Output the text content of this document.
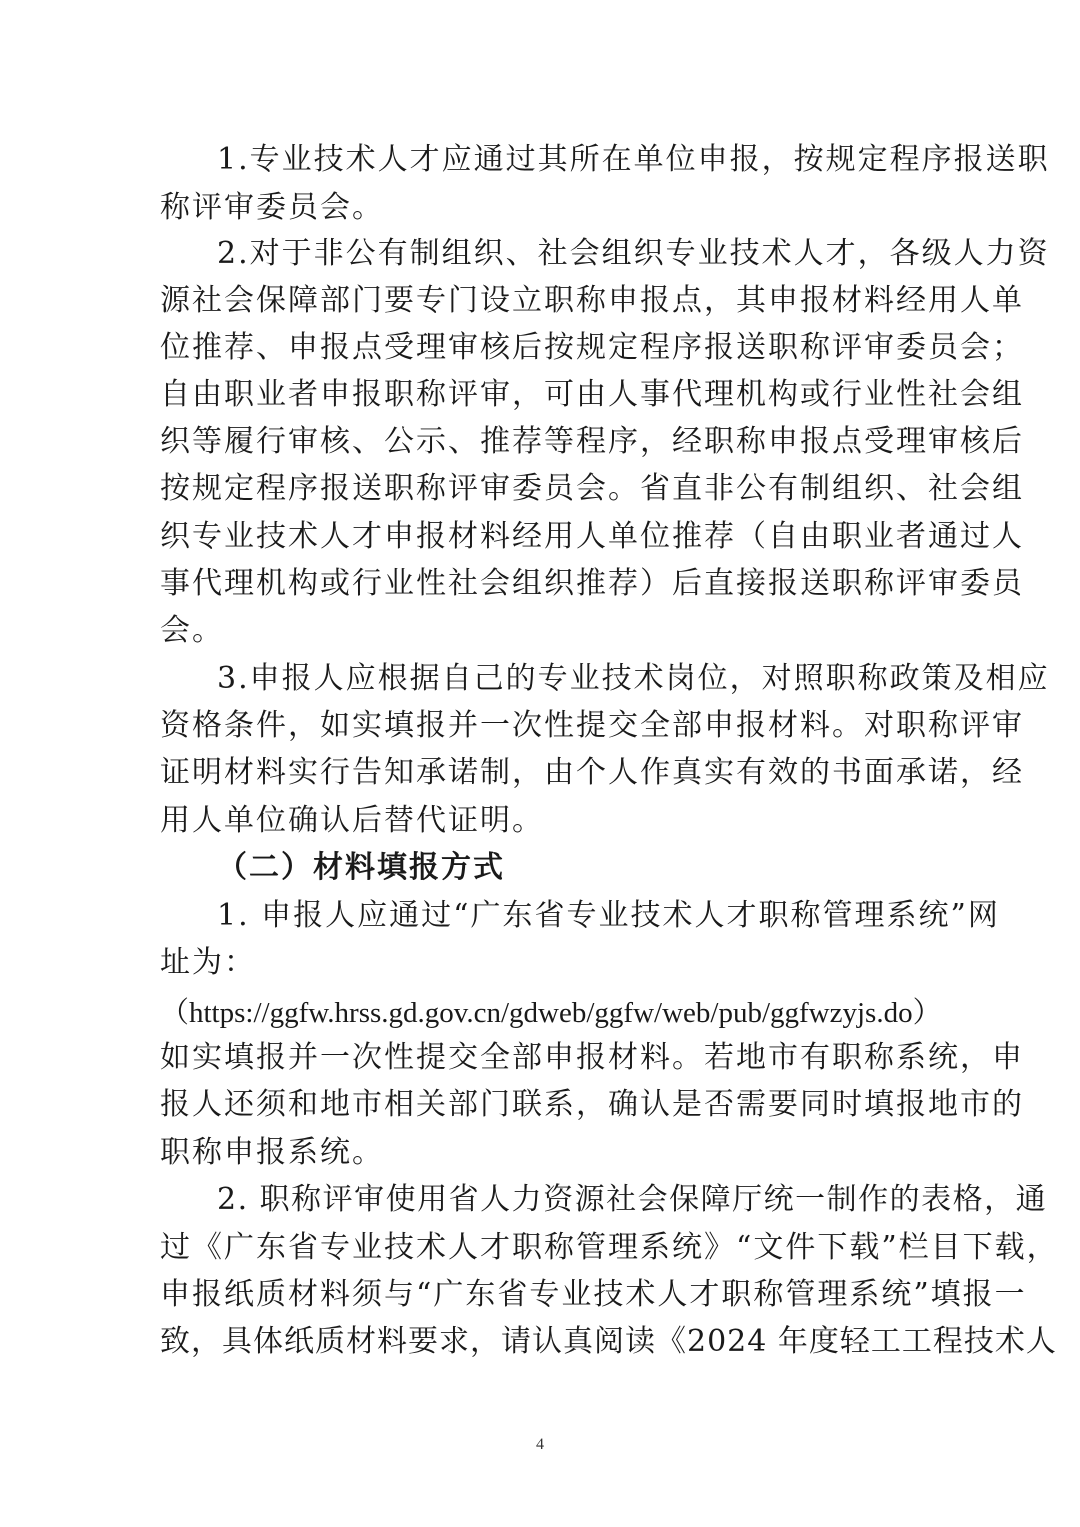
1.专业技术人才应通过其所在单位申报，按规定程序报送职
称评审委员会。
2.对于非公有制组织、社会组织专业技术人才，各级人力资
源社会保障部门要专门设立职称申报点，其申报材料经用人单
位推荐、申报点受理审核后按规定程序报送职称评审委员会；
自由职业者申报职称评审，可由人事代理机构或行业性社会组
织等履行审核、公示、推荐等程序，经职称申报点受理审核后
按规定程序报送职称评审委员会。省直非公有制组织、社会组
织专业技术人才申报材料经用人单位推荐（自由职业者通过人
事代理机构或行业性社会组织推荐）后直接报送职称评审委员
会。
3.申报人应根据自己的专业技术岗位，对照职称政策及相应
资格条件，如实填报并一次性提交全部申报材料。对职称评审
证明材料实行告知承诺制，由个人作真实有效的书面承诺，经
用人单位确认后替代证明。
（二）材料填报方式
1. 申报人应通过“广东省专业技术人才职称管理系统”网
址为：
（https://ggfw.hrss.gd.gov.cn/gdweb/ggfw/web/pub/ggfwzyjs.do）
如实填报并一次性提交全部申报材料。若地市有职称系统，申
报人还须和地市相关部门联系，确认是否需要同时填报地市的
职称申报系统。
2. 职称评审使用省人力资源社会保障厅统一制作的表格，通
过《广东省专业技术人才职称管理系统》“文件下载”栏目下载，
申报纸质材料须与“广东省专业技术人才职称管理系统”填报一
致，具体纸质材料要求，请认真阅读《2024 年度轻工工程技术人
4
